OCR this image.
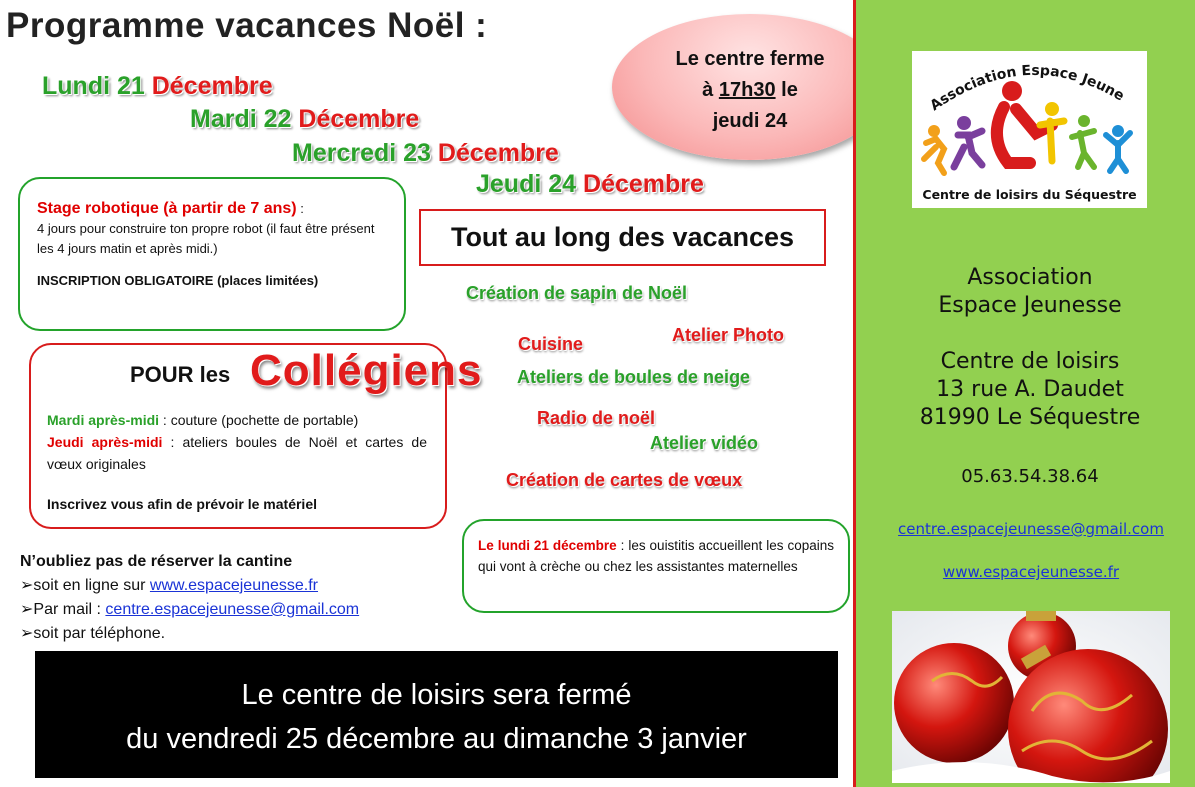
Programme vacances Noël :
Lundi 21 Décembre
Mardi 22 Décembre
Mercredi 23 Décembre
Jeudi 24 Décembre
Le centre ferme
à 17h30 le
jeudi 24
Stage robotique (à partir de 7 ans) :
4 jours pour construire ton propre robot (il faut être présent les 4 jours matin et après midi.)
INSCRIPTION OBLIGATOIRE (places limitées)
Tout au long des vacances
Création de sapin de Noël
Atelier Photo
Cuisine
Ateliers de boules de neige
Radio de noël
Atelier vidéo
Création de cartes de vœux
POUR les Collégiens
Mardi après-midi : couture (pochette de portable)
Jeudi après-midi : ateliers boules de Noël et cartes de vœux originales
Inscrivez vous afin de prévoir le matériel
Le lundi 21 décembre : les ouistitis accueillent les copains qui vont à crèche ou chez les assistantes maternelles
N’oubliez pas de réserver la cantine
➢soit en ligne sur www.espacejeunesse.fr
➢Par mail : centre.espacejeunesse@gmail.com
➢soit par téléphone.
Le centre de loisirs sera fermé
du vendredi 25 décembre au dimanche 3 janvier
Association Espace Jeune
Centre de loisirs du Séquestre
Association
Espace Jeunesse
Centre de loisirs
13 rue A. Daudet
81990 Le Séquestre
05.63.54.38.64
centre.espacejeunesse@gmail.com
www.espacejeunesse.fr
